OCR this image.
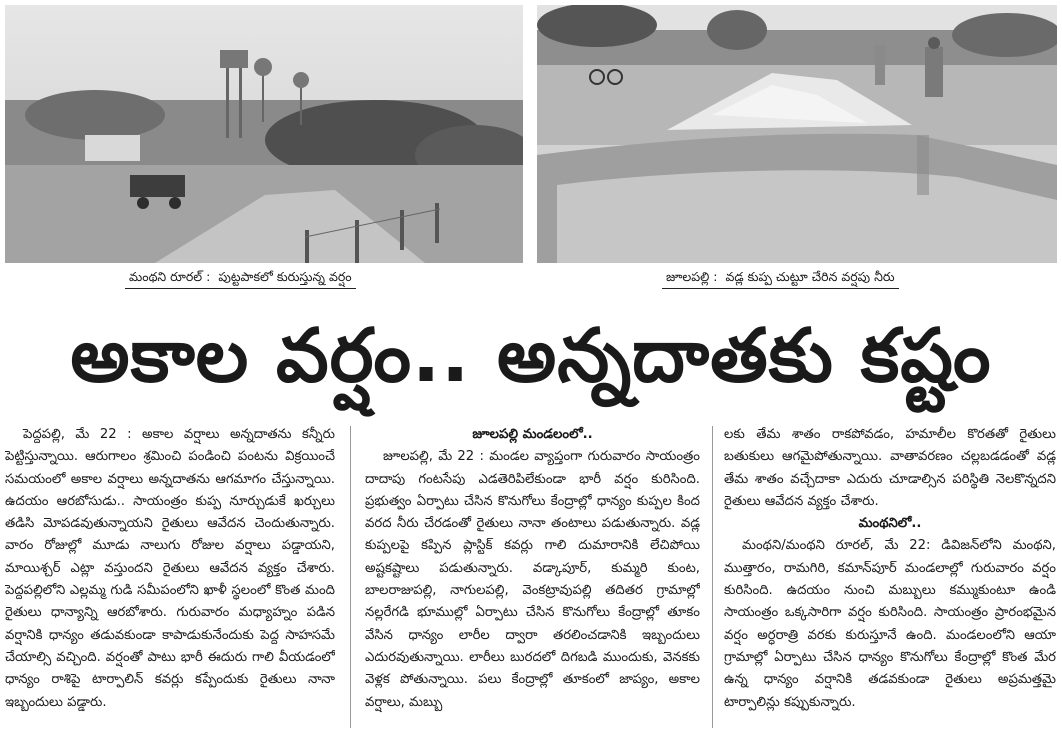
మంథని రూరల్ : పుట్టపాకలో కురుస్తున్న వర్షం	జూలపల్లి : వడ్ల కుప్ప చుట్టూ చేరిన వర్షపు నీరు
అకాల వర్షం.. అన్నదాతకు కష్టం

పెద్దపల్లి, మే 22 : అకాల వర్షాలు అన్నదాతను కన్నీరు పెట్టిస్తున్నాయి. ఆరుగాలం శ్రమించి పండించి పంటను విక్రయించే సమయంలో అకాల వర్షాలు అన్నదాతను ఆగమాగం చేస్తున్నాయి. ఉదయం ఆరబోసుడు.. సాయంత్రం కుప్ప నూర్చుడుకే ఖర్చులు తడిసి మోపడవుతున్నాయని రైతులు ఆవేదన చెందుతున్నారు. వారం రోజుల్లో మూడు నాలుగు రోజుల వర్షాలు పడ్డాయని, మాయిశ్చర్ ఎట్లా వస్తుందని రైతులు ఆవేదన వ్యక్తం చేశారు. పెద్దపల్లిలోని ఎల్లమ్మ గుడి సమీపంలోని ఖాళీ స్థలంలో కొంత మంది రైతులు ధాన్యాన్ని ఆరబోశారు. గురువారం మధ్యాహ్నం పడిన వర్షానికి ధాన్యం తడువకుండా కాపాడుకునేందుకు పెద్ద సాహసమే చేయాల్సి వచ్చింది. వర్షంతో పాటు భారీ ఈదురు గాలి వీయడంలో ధాన్యం రాశిపై టార్పాలిన్ కవర్లు కప్పేందుకు రైతులు నానా ఇబ్బందులు పడ్డారు.

జూలపల్లి మండలంలో..

జూలపల్లి, మే 22 : మండల వ్యాప్తంగా గురువారం సాయంత్రం దాదాపు గంటసేపు ఎడతెరిపిలేకుండా భారీ వర్షం కురిసింది. ప్రభుత్వం ఏర్పాటు చేసిన కొనుగోలు కేంద్రాల్లో ధాన్యం కుప్పల కింద వరద నీరు చేరడంతో రైతులు నానా తంటాలు పడుతున్నారు. వడ్ల కుప్పలపై కప్పిన ప్లాస్టిక్ కవర్లు గాలి దుమారానికి లేచిపోయి అష్టకష్టాలు పడుతున్నారు. వడ్కాపూర్, కుమ్మరి కుంట, బాలరాజుపల్లి, నాగులపల్లి, వెంకట్రావుపల్లి తదితర గ్రామాల్లో నల్లరేగడి భూముల్లో ఏర్పాటు చేసిన కొనుగోలు కేంద్రాల్లో తూకం వేసిన ధాన్యం లారీల ద్వారా తరలించడానికి ఇబ్బందులు ఎదురవుతున్నాయి. లారీలు బురదలో దిగబడి ముందుకు, వెనకకు వెళ్లక పోతున్నాయి. పలు కేంద్రాల్లో తూకంలో జాప్యం, అకాల వర్షాలు, మబ్బు

లకు తేమ శాతం రాకపోవడం, హమాలీల కొరతతో రైతులు బతుకులు ఆగమైపోతున్నాయి. వాతావరణం చల్లబడడంతో వడ్ల తేమ శాతం వచ్చేదాకా ఎదురు చూడాల్సిన పరిస్థితి నెలకొన్నదని రైతులు ఆవేదన వ్యక్తం చేశారు.

మంథనిలో..

మంథని/మంథని రూరల్, మే 22: డివిజన్‌లోని మంథని, ముత్తారం, రామగిరి, కమాన్‌పూర్ మండలాల్లో గురువారం వర్షం కురిసింది. ఉదయం నుంచి మబ్బులు కమ్ముకుంటూ ఉండి సాయంత్రం ఒక్కసారిగా వర్షం కురిసింది. సాయంత్రం ప్రారంభమైన వర్షం అర్ధరాత్రి వరకు కురుస్తూనే ఉంది. మండలంలోని ఆయా గ్రామాల్లో ఏర్పాటు చేసిన ధాన్యం కొనుగోలు కేంద్రాల్లో కొంత మేర ఉన్న ధాన్యం వర్షానికి తడవకుండా రైతులు అప్రమత్తమై టార్పాలిన్లు కప్పుకున్నారు.
